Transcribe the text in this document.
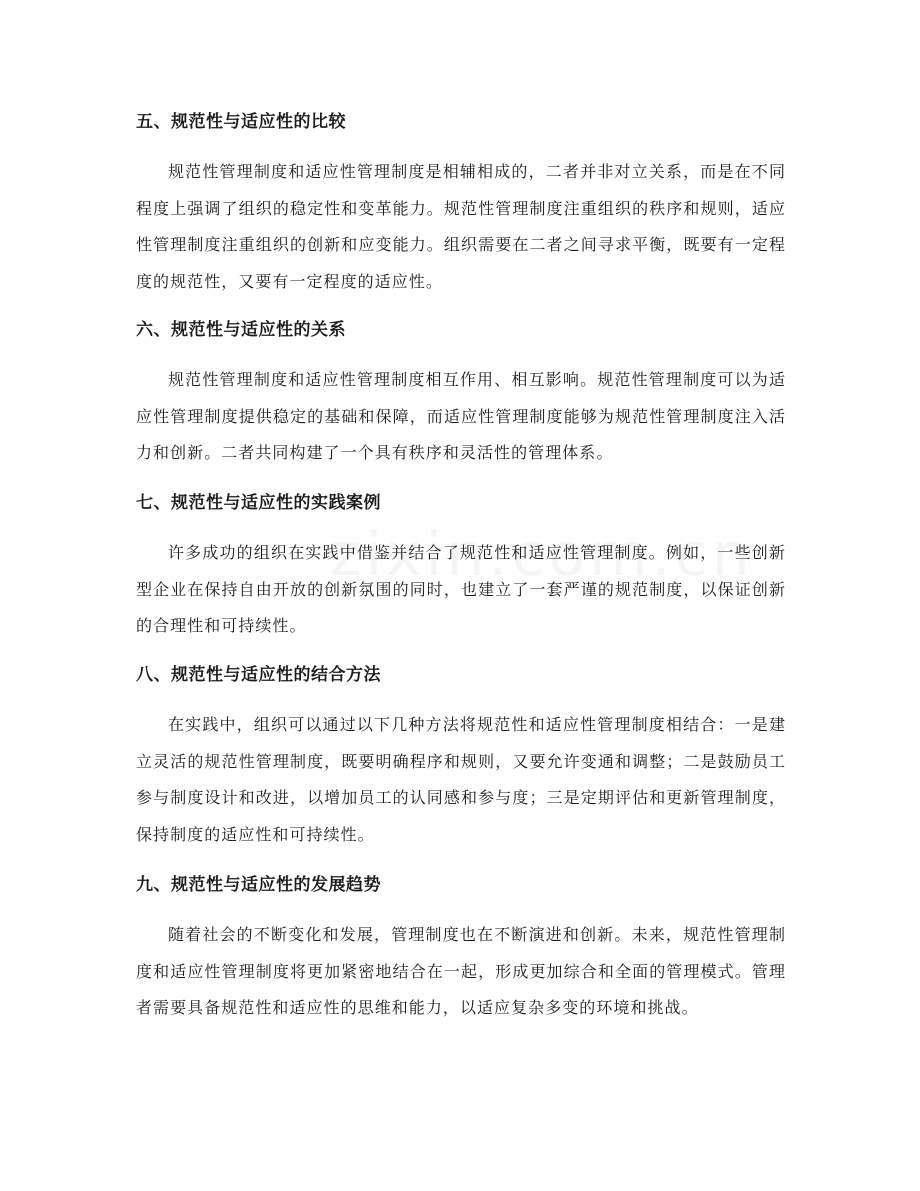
五、规范性与适应性的比较

规范性管理制度和适应性管理制度是相辅相成的，二者并非对立关系，而是在不同程度上强调了组织的稳定性和变革能力。规范性管理制度注重组织的秩序和规则，适应性管理制度注重组织的创新和应变能力。组织需要在二者之间寻求平衡，既要有一定程度的规范性，又要有一定程度的适应性。

六、规范性与适应性的关系

规范性管理制度和适应性管理制度相互作用、相互影响。规范性管理制度可以为适应性管理制度提供稳定的基础和保障，而适应性管理制度能够为规范性管理制度注入活力和创新。二者共同构建了一个具有秩序和灵活性的管理体系。

七、规范性与适应性的实践案例

许多成功的组织在实践中借鉴并结合了规范性和适应性管理制度。例如，一些创新型企业在保持自由开放的创新氛围的同时，也建立了一套严谨的规范制度，以保证创新的合理性和可持续性。

八、规范性与适应性的结合方法

在实践中，组织可以通过以下几种方法将规范性和适应性管理制度相结合：一是建立灵活的规范性管理制度，既要明确程序和规则，又要允许变通和调整；二是鼓励员工参与制度设计和改进，以增加员工的认同感和参与度；三是定期评估和更新管理制度，保持制度的适应性和可持续性。

九、规范性与适应性的发展趋势

随着社会的不断变化和发展，管理制度也在不断演进和创新。未来，规范性管理制度和适应性管理制度将更加紧密地结合在一起，形成更加综合和全面的管理模式。管理者需要具备规范性和适应性的思维和能力，以适应复杂多变的环境和挑战。
